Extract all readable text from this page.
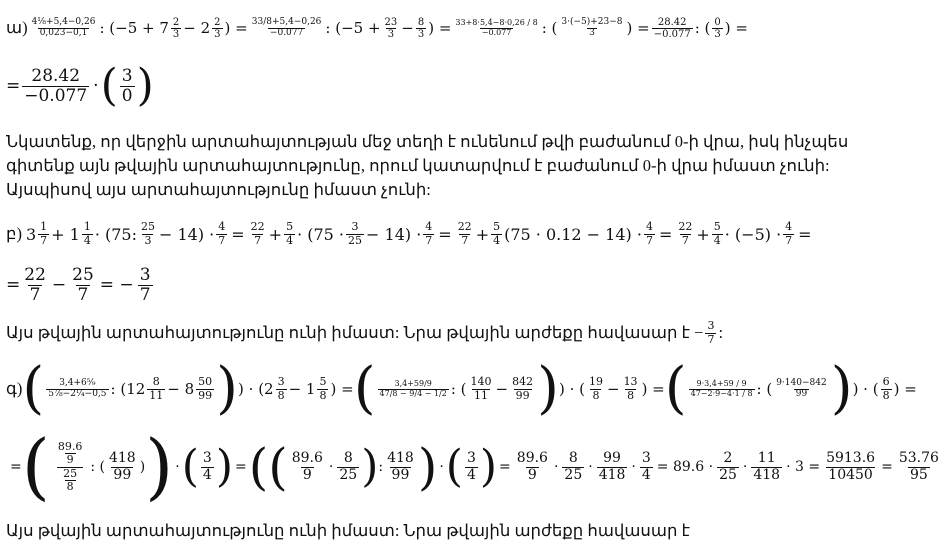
ա) $\frac{\text{4⅛+5,4−0,26}}{0,023-0,1}$ : ($-5 + 7 \frac{2}{3} - 2 \frac{2}{3}$ ) = $\frac{33/8+5,4-0,26}{-0.077}$ : ($-5 + \frac{23}{3} - \frac{8}{3}$ ) = $\frac{33+8\cdot 5,4-8\cdot 0,26 / 8}{-0.077}$ : ( $\frac{3\cdot(-5)+23-8}{3}$ ) = $\frac{28.42}{-0.077}$ : ( $\frac{0}{3}$ ) =
= $\frac{28.42}{-0.077}$ · ( $\frac{3}{0}$ )
Նկատենք, որ վերջին արտահայտության մեջ տեղի է ունենում թվի բաժանում 0-ի վրա, իսկ ինչպես
գիտենք այն թվային արտահայտությունը, որում կատարվում է բաժանում 0-ի վրա իմաստ չունի:
Այսպիսով այս արտահայտությունը իմաստ չունի:
բ) $3 \frac{1}{7} + 1 \frac{1}{4} \cdot (75$: $\frac{25}{3} - 14) \cdot \frac{4}{7} = \frac{22}{7} + \frac{5}{4} \cdot (75 \cdot \frac{3}{25} - 14) \cdot \frac{4}{7} = \frac{22}{7} + \frac{5}{4} (75 \cdot 0.12 - 14) \cdot \frac{4}{7} = \frac{22}{7} + \frac{5}{4} \cdot (-5) \cdot \frac{4}{7}$ =
= $\frac{22}{7} - \frac{25}{7}$ = − $\frac{3}{7}$
Այս թվային արտահայտությունը ունի իմաստ: Նրա թվային արժեքը հավասար է − $\frac{3}{7}$ :
գ) ( $\frac{\text{3,4+6⁵⁄₉}}{\text{5⅞−2¼−0,5}}$ : ($12 \frac{8}{11} - 8 \frac{50}{99}$ ) ) · ($2 \frac{3}{8} - 1 \frac{5}{8}$ ) = ( $\frac{3,4+59/9}{47/8 - 9/4 - 1/2}$ : ( $\frac{140}{11} - \frac{842}{99}$ ) ) · ( $\frac{19}{8} - \frac{13}{8}$ ) = ( $\frac{9\cdot 3,4+59 / 9}{47-2\cdot 9-4\cdot 1 / 8}$ : ( $\frac{9\cdot 140-842}{99}$ ) ) · ( $\frac{6}{8}$ ) =
= ( $\frac{\frac{89.6}{9}}{\frac{25}{8}}$ : ( $\frac{418}{99}$ ) ) · ( $\frac{3}{4}$ ) = (( $\frac{89.6}{9} \cdot \frac{8}{25}$ ) : $\frac{418}{99}$ ) · ( $\frac{3}{4}$ ) = $\frac{89.6}{9} \cdot \frac{8}{25} \cdot \frac{99}{418} \cdot \frac{3}{4} = 89.6 \cdot \frac{2}{25} \cdot \frac{11}{418} \cdot 3 = \frac{5913.6}{10450} = \frac{53.76}{95}$
Այս թվային արտահայտությունը ունի իմաստ: Նրա թվային արժեքը հավասար է
